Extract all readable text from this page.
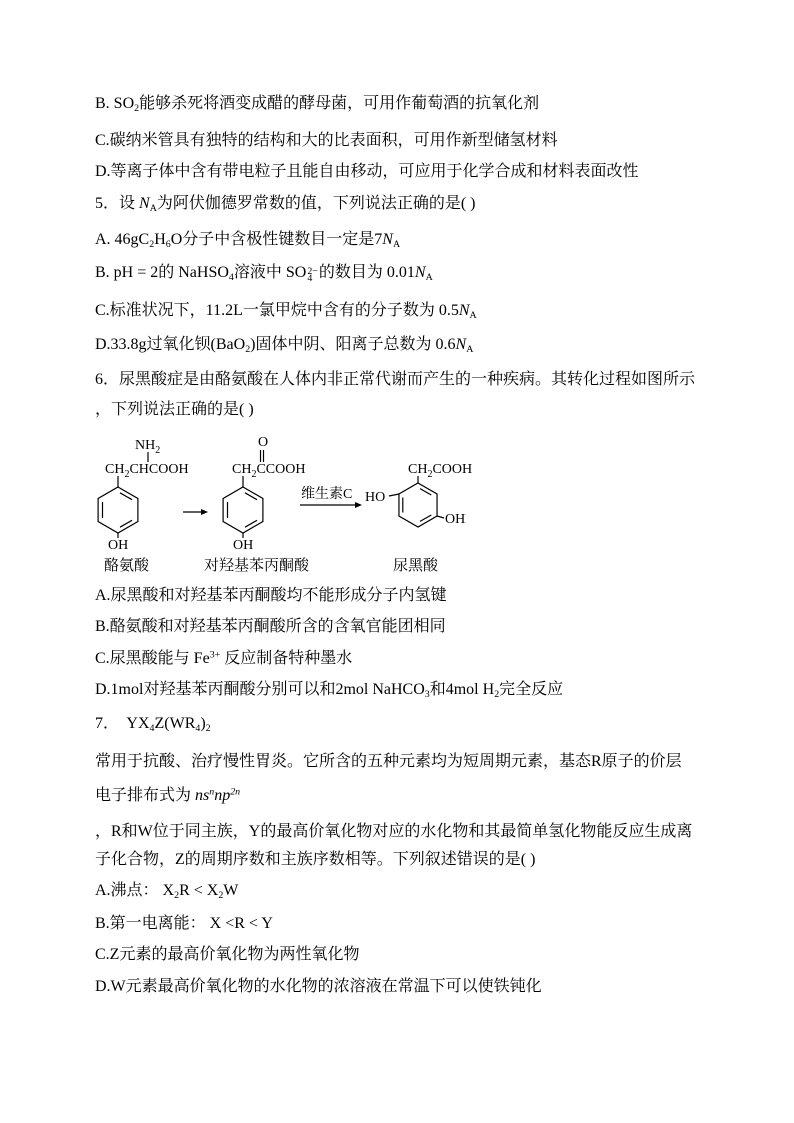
B. $SO_2$能够杀死将酒变成醋的酵母菌，可用作葡萄酒的抗氧化剂
C.碳纳米管具有独特的结构和大的比表面积，可用作新型储氢材料
D.等离子体中含有带电粒子且能自由移动，可应用于化学合成和材料表面改性
5．设 $N_A$为阿伏伽德罗常数的值，下列说法正确的是( )
A. $46gC_2H_6O$分子中含极性键数目一定是$7N_A$
B. pH = 2的 NaHSO$_4$溶液中 SO 2−
4 的数目为 $0.01N_A$
C.标准状况下，11.2L一氯甲烷中含有的分子数为 $0.5N_A$
D.33.8g过氧化钡(BaO$_2$)固体中阴、阳离子总数为 $0.6N_A$
6．尿黑酸症是由酪氨酸在人体内非正常代谢而产生的一种疾病。其转化过程如图所示
，下列说法正确的是( )
$NH_2$
$CH_2CHCOOH$
OH
酪氨酸
O
$CH_2CCOOH$
OH
对羟基苯丙酮酸
维生素C
$CH_2COOH$
HO
OH
尿黑酸
A.尿黑酸和对羟基苯丙酮酸均不能形成分子内氢键
B.酪氨酸和对羟基苯丙酮酸所含的含氧官能团相同
C.尿黑酸能与 $Fe^{3+}$ 反应制备特种墨水
D.1mol对羟基苯丙酮酸分别可以和2mol NaHCO$_3$和4mol $H_2$完全反应
7．  $YX_4Z(WR_4)_2$
常用于抗酸、治疗慢性胃炎。它所含的五种元素均为短周期元素，基态R原子的价层
电子排布式为 $ns^nnp^{2n}$
，R和W位于同主族，Y的最高价氧化物对应的水化物和其最简单氢化物能反应生成离
子化合物，Z的周期序数和主族序数相等。下列叙述错误的是( )
A.沸点： $X_2R < X_2W$
B.第一电离能： X <R < Y
C.Z元素的最高价氧化物为两性氧化物
D.W元素最高价氧化物的水化物的浓溶液在常温下可以使铁钝化
